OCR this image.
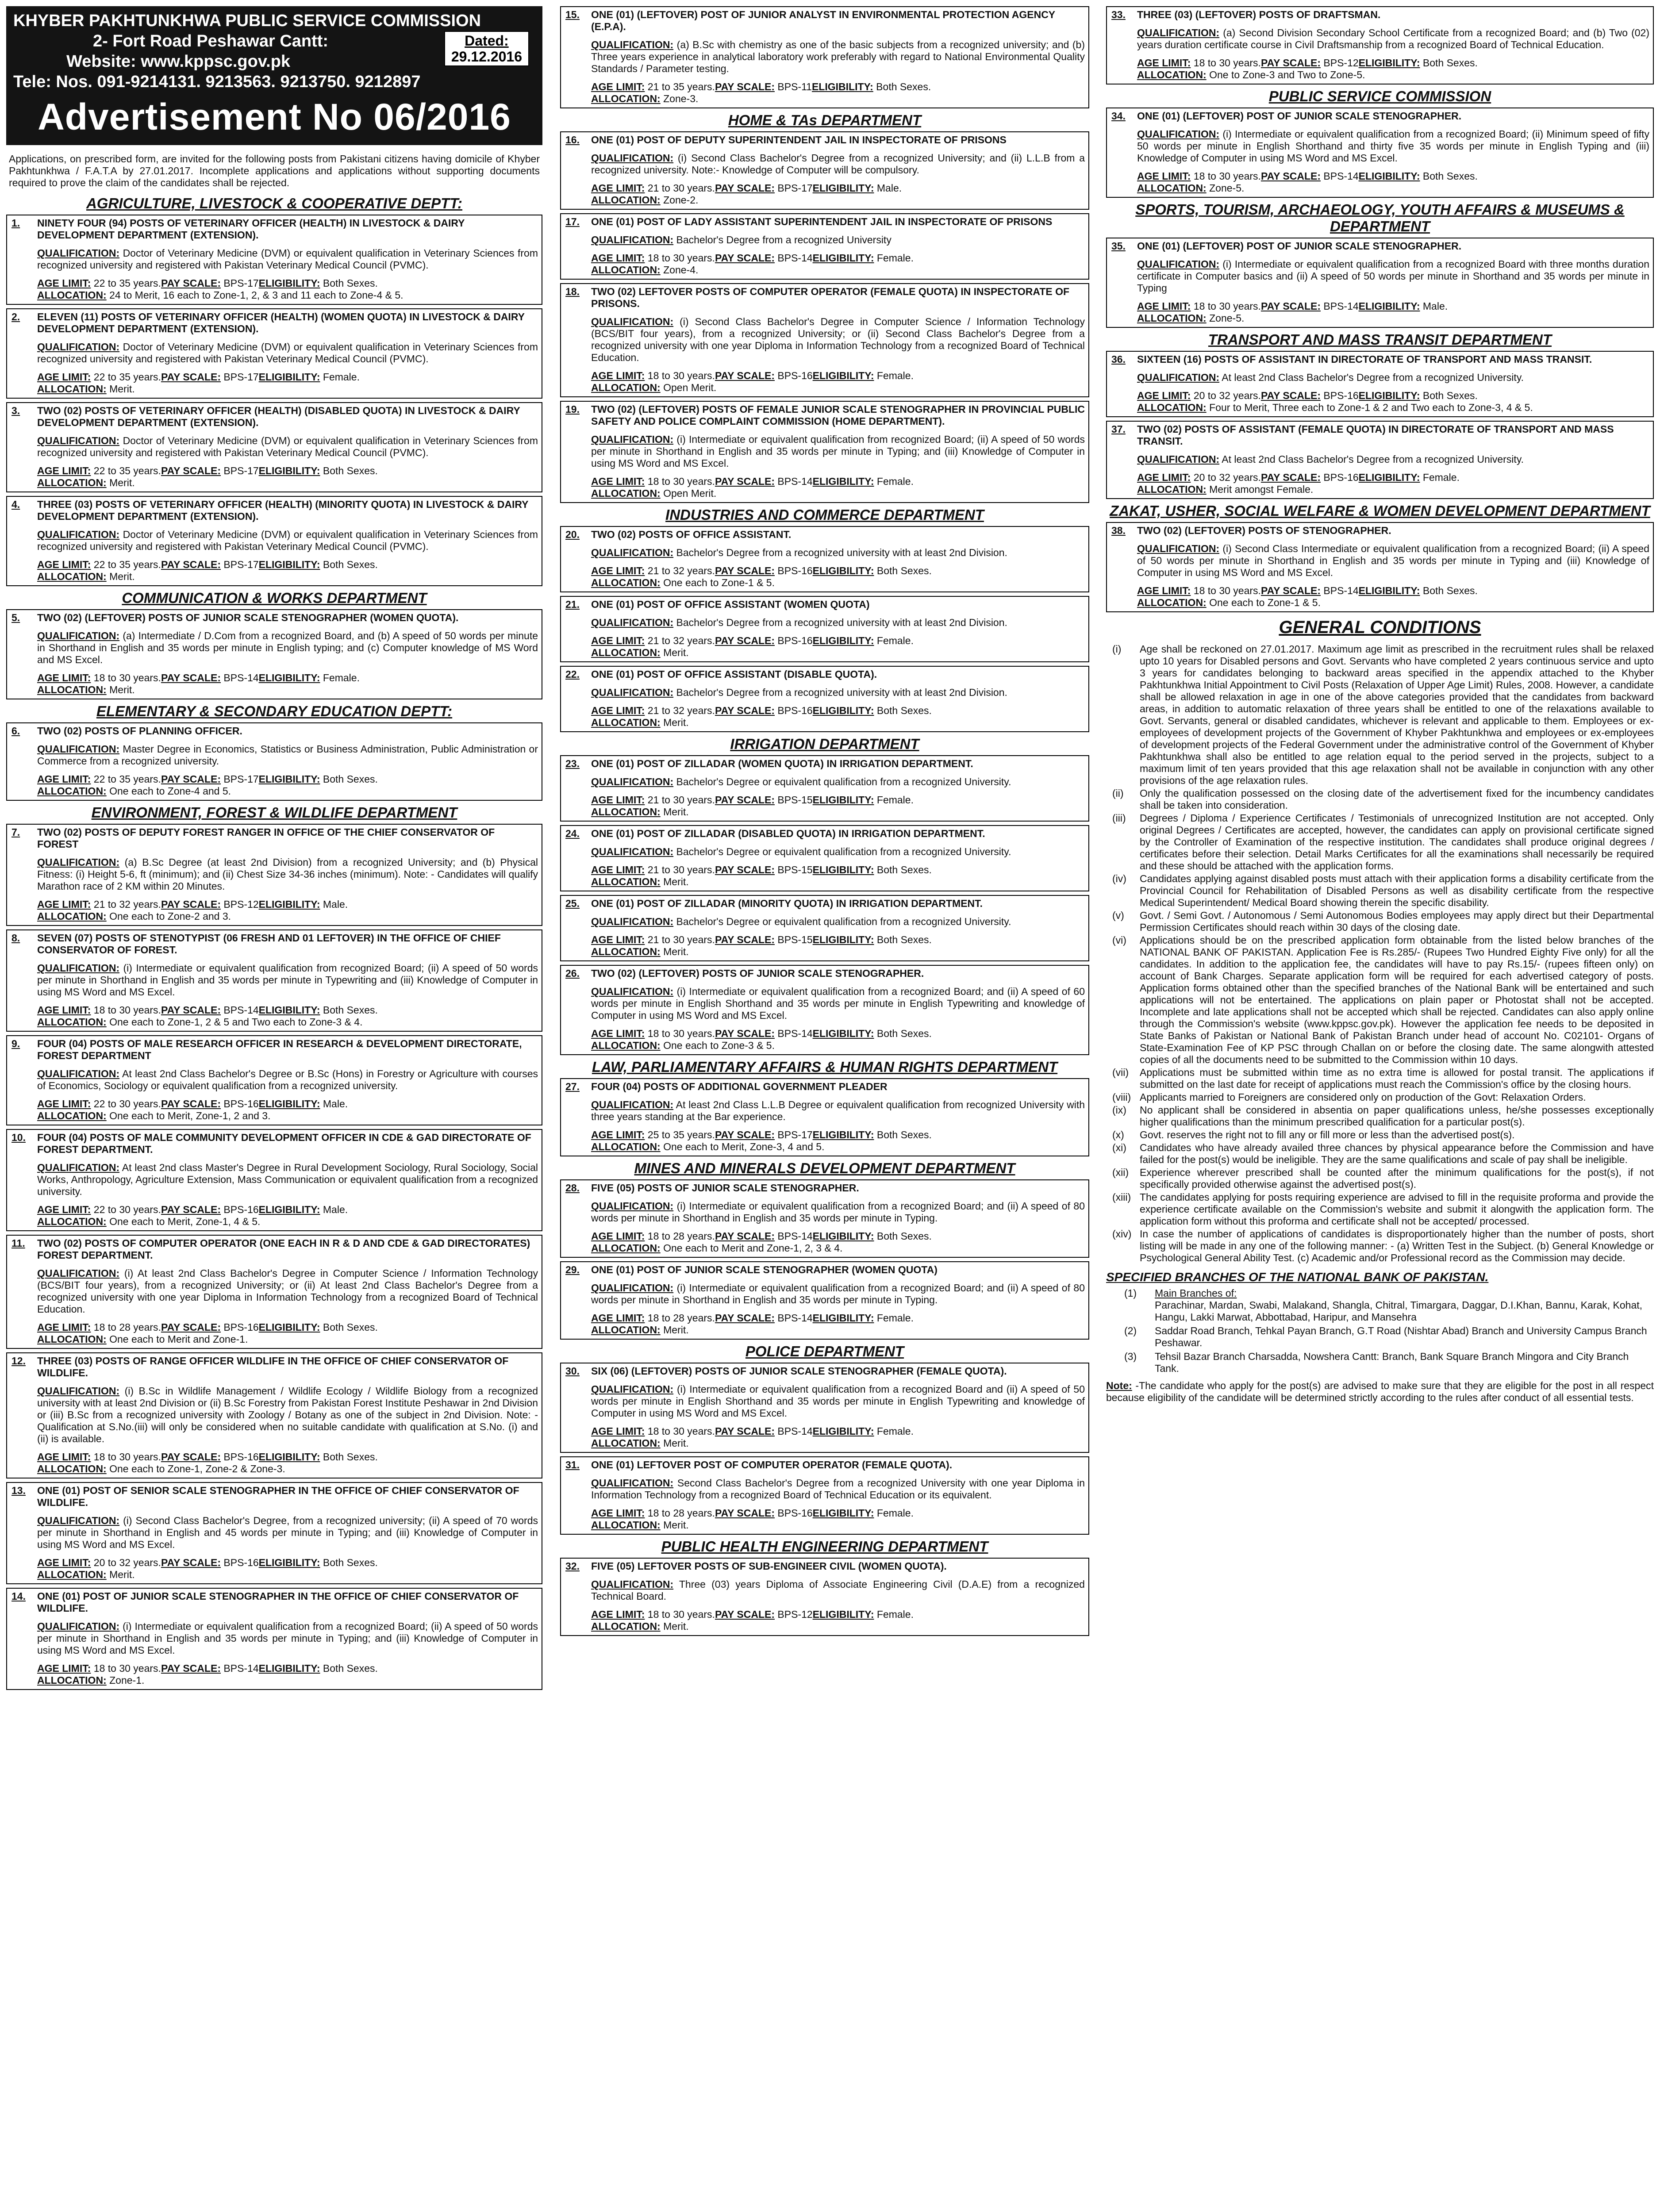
KHYBER PAKHTUNKHWA PUBLIC SERVICE COMMISSION
2- Fort Road Peshawar Cantt:
Website: www.kppsc.gov.pk
Tele: Nos. 091-9214131. 9213563. 9213750. 9212897
Dated:
29.12.2016
Advertisement No 06/2016
Applications, on prescribed form, are invited for the following posts from Pakistani citizens having domicile of Khyber Pakhtunkhwa / F.A.T.A by 27.01.2017. Incomplete applications and applications without supporting documents required to prove the claim of the candidates shall be rejected.
AGRICULTURE, LIVESTOCK & COOPERATIVE DEPTT:
1. NINETY FOUR (94) POSTS OF VETERINARY OFFICER (HEALTH) IN LIVESTOCK & DAIRY DEVELOPMENT DEPARTMENT (EXTENSION).
QUALIFICATION: Doctor of Veterinary Medicine (DVM) or equivalent qualification in Veterinary Sciences from recognized university and registered with Pakistan Veterinary Medical Council (PVMC).
AGE LIMIT: 22 to 35 years.PAY SCALE: BPS-17ELIGIBILITY: Both Sexes.
ALLOCATION: 24 to Merit, 16 each to Zone-1, 2, & 3 and 11 each to Zone-4 & 5.
2. ELEVEN (11) POSTS OF VETERINARY OFFICER (HEALTH) (WOMEN QUOTA) IN LIVESTOCK & DAIRY DEVELOPMENT DEPARTMENT (EXTENSION).
QUALIFICATION: Doctor of Veterinary Medicine (DVM) or equivalent qualification in Veterinary Sciences from recognized university and registered with Pakistan Veterinary Medical Council (PVMC).
AGE LIMIT: 22 to 35 years.PAY SCALE: BPS-17ELIGIBILITY: Female.
ALLOCATION: Merit.
3. TWO (02) POSTS OF VETERINARY OFFICER (HEALTH) (DISABLED QUOTA) IN LIVESTOCK & DAIRY DEVELOPMENT DEPARTMENT (EXTENSION).
QUALIFICATION: Doctor of Veterinary Medicine (DVM) or equivalent qualification in Veterinary Sciences from recognized university and registered with Pakistan Veterinary Medical Council (PVMC).
AGE LIMIT: 22 to 35 years.PAY SCALE: BPS-17ELIGIBILITY: Both Sexes.
ALLOCATION: Merit.
4. THREE (03) POSTS OF VETERINARY OFFICER (HEALTH) (MINORITY QUOTA) IN LIVESTOCK & DAIRY DEVELOPMENT DEPARTMENT (EXTENSION).
QUALIFICATION: Doctor of Veterinary Medicine (DVM) or equivalent qualification in Veterinary Sciences from recognized university and registered with Pakistan Veterinary Medical Council (PVMC).
AGE LIMIT: 22 to 35 years.PAY SCALE: BPS-17ELIGIBILITY: Both Sexes.
ALLOCATION: Merit.
COMMUNICATION & WORKS DEPARTMENT
5. TWO (02) (LEFTOVER) POSTS OF JUNIOR SCALE STENOGRAPHER (WOMEN QUOTA).
QUALIFICATION: (a) Intermediate / D.Com from a recognized Board, and (b) A speed of 50 words per minute in Shorthand in English and 35 words per minute in English typing; and (c) Computer knowledge of MS Word and MS Excel.
AGE LIMIT: 18 to 30 years.PAY SCALE: BPS-14ELIGIBILITY: Female.
ALLOCATION: Merit.
ELEMENTARY & SECONDARY EDUCATION DEPTT:
6. TWO (02) POSTS OF PLANNING OFFICER.
QUALIFICATION: Master Degree in Economics, Statistics or Business Administration, Public Administration or Commerce from a recognized university.
AGE LIMIT: 22 to 35 years.PAY SCALE: BPS-17ELIGIBILITY: Both Sexes.
ALLOCATION: One each to Zone-4 and 5.
ENVIRONMENT, FOREST & WILDLIFE DEPARTMENT
7. TWO (02) POSTS OF DEPUTY FOREST RANGER IN OFFICE OF THE CHIEF CONSERVATOR OF FOREST
QUALIFICATION: (a) B.Sc Degree (at least 2nd Division) from a recognized University; and (b) Physical Fitness: (i) Height 5-6, ft (minimum); and (ii) Chest Size 34-36 inches (minimum). Note: - Candidates will qualify Marathon race of 2 KM within 20 Minutes.
AGE LIMIT: 21 to 32 years.PAY SCALE: BPS-12ELIGIBILITY: Male.
ALLOCATION: One each to Zone-2 and 3.
8. SEVEN (07) POSTS OF STENOTYPIST (06 FRESH AND 01 LEFTOVER) IN THE OFFICE OF CHIEF CONSERVATOR OF FOREST.
QUALIFICATION: (i) Intermediate or equivalent qualification from recognized Board; (ii) A speed of 50 words per minute in Shorthand in English and 35 words per minute in Typewriting and (iii) Knowledge of Computer in using MS Word and MS Excel.
AGE LIMIT: 18 to 30 years.PAY SCALE: BPS-14ELIGIBILITY: Both Sexes.
ALLOCATION: One each to Zone-1, 2 & 5 and Two each to Zone-3 & 4.
9. FOUR (04) POSTS OF MALE RESEARCH OFFICER IN RESEARCH & DEVELOPMENT DIRECTORATE, FOREST DEPARTMENT
QUALIFICATION: At least 2nd Class Bachelor's Degree or B.Sc (Hons) in Forestry or Agriculture with courses of Economics, Sociology or equivalent qualification from a recognized university.
AGE LIMIT: 22 to 30 years.PAY SCALE: BPS-16ELIGIBILITY: Male.
ALLOCATION: One each to Merit, Zone-1, 2 and 3.
10. FOUR (04) POSTS OF MALE COMMUNITY DEVELOPMENT OFFICER IN CDE & GAD DIRECTORATE OF FOREST DEPARTMENT.
QUALIFICATION: At least 2nd class Master's Degree in Rural Development Sociology, Rural Sociology, Social Works, Anthropology, Agriculture Extension, Mass Communication or equivalent qualification from a recognized university.
AGE LIMIT: 22 to 30 years.PAY SCALE: BPS-16ELIGIBILITY: Male.
ALLOCATION: One each to Merit, Zone-1, 4 & 5.
11. TWO (02) POSTS OF COMPUTER OPERATOR (ONE EACH IN R & D AND CDE & GAD DIRECTORATES) FOREST DEPARTMENT.
QUALIFICATION: (i) At least 2nd Class Bachelor's Degree in Computer Science / Information Technology (BCS/BIT four years), from a recognized University; or (ii) At least 2nd Class Bachelor's Degree from a recognized university with one year Diploma in Information Technology from a recognized Board of Technical Education.
AGE LIMIT: 18 to 28 years.PAY SCALE: BPS-16ELIGIBILITY: Both Sexes.
ALLOCATION: One each to Merit and Zone-1.
12. THREE (03) POSTS OF RANGE OFFICER WILDLIFE IN THE OFFICE OF CHIEF CONSERVATOR OF WILDLIFE.
QUALIFICATION: (i) B.Sc in Wildlife Management / Wildlife Ecology / Wildlife Biology from a recognized university with at least 2nd Division or (ii) B.Sc Forestry from Pakistan Forest Institute Peshawar in 2nd Division or (iii) B.Sc from a recognized university with Zoology / Botany as one of the subject in 2nd Division. Note: - Qualification at S.No.(iii) will only be considered when no suitable candidate with qualification at S.No. (i) and (ii) is available.
AGE LIMIT: 18 to 30 years.PAY SCALE: BPS-16ELIGIBILITY: Both Sexes.
ALLOCATION: One each to Zone-1, Zone-2 & Zone-3.
13. ONE (01) POST OF SENIOR SCALE STENOGRAPHER IN THE OFFICE OF CHIEF CONSERVATOR OF WILDLIFE.
QUALIFICATION: (i) Second Class Bachelor's Degree, from a recognized university; (ii) A speed of 70 words per minute in Shorthand in English and 45 words per minute in Typing; and (iii) Knowledge of Computer in using MS Word and MS Excel.
AGE LIMIT: 20 to 32 years.PAY SCALE: BPS-16ELIGIBILITY: Both Sexes.
ALLOCATION: Merit.
14. ONE (01) POST OF JUNIOR SCALE STENOGRAPHER IN THE OFFICE OF CHIEF CONSERVATOR OF WILDLIFE.
QUALIFICATION: (i) Intermediate or equivalent qualification from a recognized Board; (ii) A speed of 50 words per minute in Shorthand in English and 35 words per minute in Typing; and (iii) Knowledge of Computer in using MS Word and MS Excel.
AGE LIMIT: 18 to 30 years.PAY SCALE: BPS-14ELIGIBILITY: Both Sexes.
ALLOCATION: Zone-1.
15. ONE (01) (LEFTOVER) POST OF JUNIOR ANALYST IN ENVIRONMENTAL PROTECTION AGENCY (E.P.A).
QUALIFICATION: (a) B.Sc with chemistry as one of the basic subjects from a recognized university; and (b) Three years experience in analytical laboratory work preferably with regard to National Environmental Quality Standards / Parameter testing.
AGE LIMIT: 21 to 35 years.PAY SCALE: BPS-11ELIGIBILITY: Both Sexes.
ALLOCATION: Zone-3.
HOME & TAs DEPARTMENT
16. ONE (01) POST OF DEPUTY SUPERINTENDENT JAIL IN INSPECTORATE OF PRISONS
QUALIFICATION: (i) Second Class Bachelor's Degree from a recognized University; and (ii) L.L.B from a recognized university. Note:- Knowledge of Computer will be compulsory.
AGE LIMIT: 21 to 30 years.PAY SCALE: BPS-17ELIGIBILITY: Male.
ALLOCATION: Zone-2.
17. ONE (01) POST OF LADY ASSISTANT SUPERINTENDENT JAIL IN INSPECTORATE OF PRISONS
QUALIFICATION: Bachelor's Degree from a recognized University
AGE LIMIT: 18 to 30 years.PAY SCALE: BPS-14ELIGIBILITY: Female.
ALLOCATION: Zone-4.
18. TWO (02) LEFTOVER POSTS OF COMPUTER OPERATOR (FEMALE QUOTA) IN INSPECTORATE OF PRISONS.
QUALIFICATION: (i) Second Class Bachelor's Degree in Computer Science / Information Technology (BCS/BIT four years), from a recognized University; or (ii) Second Class Bachelor's Degree from a recognized university with one year Diploma in Information Technology from a recognized Board of Technical Education.
AGE LIMIT: 18 to 30 years.PAY SCALE: BPS-16ELIGIBILITY: Female.
ALLOCATION: Open Merit.
19. TWO (02) (LEFTOVER) POSTS OF FEMALE JUNIOR SCALE STENOGRAPHER IN PROVINCIAL PUBLIC SAFETY AND POLICE COMPLAINT COMMISSION (HOME DEPARTMENT).
QUALIFICATION: (i) Intermediate or equivalent qualification from recognized Board; (ii) A speed of 50 words per minute in Shorthand in English and 35 words per minute in Typing; and (iii) Knowledge of Computer in using MS Word and MS Excel.
AGE LIMIT: 18 to 30 years.PAY SCALE: BPS-14ELIGIBILITY: Female.
ALLOCATION: Open Merit.
INDUSTRIES AND COMMERCE DEPARTMENT
20. TWO (02) POSTS OF OFFICE ASSISTANT.
QUALIFICATION: Bachelor's Degree from a recognized university with at least 2nd Division.
AGE LIMIT: 21 to 32 years.PAY SCALE: BPS-16ELIGIBILITY: Both Sexes.
ALLOCATION: One each to Zone-1 & 5.
21. ONE (01) POST OF OFFICE ASSISTANT (WOMEN QUOTA)
QUALIFICATION: Bachelor's Degree from a recognized university with at least 2nd Division.
AGE LIMIT: 21 to 32 years.PAY SCALE: BPS-16ELIGIBILITY: Female.
ALLOCATION: Merit.
22. ONE (01) POST OF OFFICE ASSISTANT (DISABLE QUOTA).
QUALIFICATION: Bachelor's Degree from a recognized university with at least 2nd Division.
AGE LIMIT: 21 to 32 years.PAY SCALE: BPS-16ELIGIBILITY: Both Sexes.
ALLOCATION: Merit.
IRRIGATION DEPARTMENT
23. ONE (01) POST OF ZILLADAR (WOMEN QUOTA) IN IRRIGATION DEPARTMENT.
QUALIFICATION: Bachelor's Degree or equivalent qualification from a recognized University.
AGE LIMIT: 21 to 30 years.PAY SCALE: BPS-15ELIGIBILITY: Female.
ALLOCATION: Merit.
24. ONE (01) POST OF ZILLADAR (DISABLED QUOTA) IN IRRIGATION DEPARTMENT.
QUALIFICATION: Bachelor's Degree or equivalent qualification from a recognized University.
AGE LIMIT: 21 to 30 years.PAY SCALE: BPS-15ELIGIBILITY: Both Sexes.
ALLOCATION: Merit.
25. ONE (01) POST OF ZILLADAR (MINORITY QUOTA) IN IRRIGATION DEPARTMENT.
QUALIFICATION: Bachelor's Degree or equivalent qualification from a recognized University.
AGE LIMIT: 21 to 30 years.PAY SCALE: BPS-15ELIGIBILITY: Both Sexes.
ALLOCATION: Merit.
26. TWO (02) (LEFTOVER) POSTS OF JUNIOR SCALE STENOGRAPHER.
QUALIFICATION: (i) Intermediate or equivalent qualification from a recognized Board; and (ii) A speed of 60 words per minute in English Shorthand and 35 words per minute in English Typewriting and knowledge of Computer in using MS Word and MS Excel.
AGE LIMIT: 18 to 30 years.PAY SCALE: BPS-14ELIGIBILITY: Both Sexes.
ALLOCATION: One each to Zone-3 & 5.
LAW, PARLIAMENTARY AFFAIRS & HUMAN RIGHTS DEPARTMENT
27. FOUR (04) POSTS OF ADDITIONAL GOVERNMENT PLEADER
QUALIFICATION: At least 2nd Class L.L.B Degree or equivalent qualification from recognized University with three years standing at the Bar experience.
AGE LIMIT: 25 to 35 years.PAY SCALE: BPS-17ELIGIBILITY: Both Sexes.
ALLOCATION: One each to Merit, Zone-3, 4 and 5.
MINES AND MINERALS DEVELOPMENT DEPARTMENT
28. FIVE (05) POSTS OF JUNIOR SCALE STENOGRAPHER.
QUALIFICATION: (i) Intermediate or equivalent qualification from a recognized Board; and (ii) A speed of 80 words per minute in Shorthand in English and 35 words per minute in Typing.
AGE LIMIT: 18 to 28 years.PAY SCALE: BPS-14ELIGIBILITY: Both Sexes.
ALLOCATION: One each to Merit and Zone-1, 2, 3 & 4.
29. ONE (01) POST OF JUNIOR SCALE STENOGRAPHER (WOMEN QUOTA)
QUALIFICATION: (i) Intermediate or equivalent qualification from a recognized Board; and (ii) A speed of 80 words per minute in Shorthand in English and 35 words per minute in Typing.
AGE LIMIT: 18 to 28 years.PAY SCALE: BPS-14ELIGIBILITY: Female.
ALLOCATION: Merit.
POLICE DEPARTMENT
30. SIX (06) (LEFTOVER) POSTS OF JUNIOR SCALE STENOGRAPHER (FEMALE QUOTA).
QUALIFICATION: (i) Intermediate or equivalent qualification from a recognized Board and (ii) A speed of 50 words per minute in English Shorthand and 35 words per minute in English Typewriting and knowledge of Computer in using MS Word and MS Excel.
AGE LIMIT: 18 to 30 years.PAY SCALE: BPS-14ELIGIBILITY: Female.
ALLOCATION: Merit.
31. ONE (01) LEFTOVER POST OF COMPUTER OPERATOR (FEMALE QUOTA).
QUALIFICATION: Second Class Bachelor's Degree from a recognized University with one year Diploma in Information Technology from a recognized Board of Technical Education or its equivalent.
AGE LIMIT: 18 to 28 years.PAY SCALE: BPS-16ELIGIBILITY: Female.
ALLOCATION: Merit.
PUBLIC HEALTH ENGINEERING DEPARTMENT
32. FIVE (05) LEFTOVER POSTS OF SUB-ENGINEER CIVIL (WOMEN QUOTA).
QUALIFICATION: Three (03) years Diploma of Associate Engineering Civil (D.A.E) from a recognized Technical Board.
AGE LIMIT: 18 to 30 years.PAY SCALE: BPS-12ELIGIBILITY: Female.
ALLOCATION: Merit.
33. THREE (03) (LEFTOVER) POSTS OF DRAFTSMAN.
QUALIFICATION: (a) Second Division Secondary School Certificate from a recognized Board; and (b) Two (02) years duration certificate course in Civil Draftsmanship from a recognized Board of Technical Education.
AGE LIMIT: 18 to 30 years.PAY SCALE: BPS-12ELIGIBILITY: Both Sexes.
ALLOCATION: One to Zone-3 and Two to Zone-5.
PUBLIC SERVICE COMMISSION
34. ONE (01) (LEFTOVER) POST OF JUNIOR SCALE STENOGRAPHER.
QUALIFICATION: (i) Intermediate or equivalent qualification from a recognized Board; (ii) Minimum speed of fifty 50 words per minute in English Shorthand and thirty five 35 words per minute in English Typing and (iii) Knowledge of Computer in using MS Word and MS Excel.
AGE LIMIT: 18 to 30 years.PAY SCALE: BPS-14ELIGIBILITY: Both Sexes.
ALLOCATION: Zone-5.
SPORTS, TOURISM, ARCHAEOLOGY, YOUTH AFFAIRS & MUSEUMS & DEPARTMENT
35. ONE (01) (LEFTOVER) POST OF JUNIOR SCALE STENOGRAPHER.
QUALIFICATION: (i) Intermediate or equivalent qualification from a recognized Board with three months duration certificate in Computer basics and (ii) A speed of 50 words per minute in Shorthand and 35 words per minute in Typing
AGE LIMIT: 18 to 30 years.PAY SCALE: BPS-14ELIGIBILITY: Male.
ALLOCATION: Zone-5.
TRANSPORT AND MASS TRANSIT DEPARTMENT
36. SIXTEEN (16) POSTS OF ASSISTANT IN DIRECTORATE OF TRANSPORT AND MASS TRANSIT.
QUALIFICATION: At least 2nd Class Bachelor's Degree from a recognized University.
AGE LIMIT: 20 to 32 years.PAY SCALE: BPS-16ELIGIBILITY: Both Sexes.
ALLOCATION: Four to Merit, Three each to Zone-1 & 2 and Two each to Zone-3, 4 & 5.
37. TWO (02) POSTS OF ASSISTANT (FEMALE QUOTA) IN DIRECTORATE OF TRANSPORT AND MASS TRANSIT.
QUALIFICATION: At least 2nd Class Bachelor's Degree from a recognized University.
AGE LIMIT: 20 to 32 years.PAY SCALE: BPS-16ELIGIBILITY: Female.
ALLOCATION: Merit amongst Female.
ZAKAT, USHER, SOCIAL WELFARE & WOMEN DEVELOPMENT DEPARTMENT
38. TWO (02) (LEFTOVER) POSTS OF STENOGRAPHER.
QUALIFICATION: (i) Second Class Intermediate or equivalent qualification from a recognized Board; (ii) A speed of 50 words per minute in Shorthand in English and 35 words per minute in Typing and (iii) Knowledge of Computer in using MS Word and MS Excel.
AGE LIMIT: 18 to 30 years.PAY SCALE: BPS-14ELIGIBILITY: Both Sexes.
ALLOCATION: One each to Zone-1 & 5.
GENERAL CONDITIONS
(i)	Age shall be reckoned on 27.01.2017. Maximum age limit as prescribed in the recruitment rules shall be relaxed upto 10 years for Disabled persons and Govt. Servants who have completed 2 years continuous service and upto 3 years for candidates belonging to backward areas specified in the appendix attached to the Khyber Pakhtunkhwa Initial Appointment to Civil Posts (Relaxation of Upper Age Limit) Rules, 2008. However, a candidate shall be allowed relaxation in age in one of the above categories provided that the candidates from backward areas, in addition to automatic relaxation of three years shall be entitled to one of the relaxations available to Govt. Servants, general or disabled candidates, whichever is relevant and applicable to them. Employees or ex-employees of development projects of the Government of Khyber Pakhtunkhwa and employees or ex-employees of development projects of the Federal Government under the administrative control of the Government of Khyber Pakhtunkhwa shall also be entitled to age relation equal to the period served in the projects, subject to a maximum limit of ten years provided that this age relaxation shall not be available in conjunction with any other provisions of the age relaxation rules.
(ii)	Only the qualification possessed on the closing date of the advertisement fixed for the incumbency candidates shall be taken into consideration.
(iii)	Degrees / Diploma / Experience Certificates / Testimonials of unrecognized Institution are not accepted. Only original Degrees / Certificates are accepted, however, the candidates can apply on provisional certificate signed by the Controller of Examination of the respective institution. The candidates shall produce original degrees / certificates before their selection. Detail Marks Certificates for all the examinations shall necessarily be required and these should be attached with the application forms.
(iv)	Candidates applying against disabled posts must attach with their application forms a disability certificate from the Provincial Council for Rehabilitation of Disabled Persons as well as disability certificate from the respective Medical Superintendent/ Medical Board showing therein the specific disability.
(v)	Govt. / Semi Govt. / Autonomous / Semi Autonomous Bodies employees may apply direct but their Departmental Permission Certificates should reach within 30 days of the closing date.
(vi)	Applications should be on the prescribed application form obtainable from the listed below branches of the NATIONAL BANK OF PAKISTAN. Application Fee is Rs.285/- (Rupees Two Hundred Eighty Five only) for all the candidates. In addition to the application fee, the candidates will have to pay Rs.15/- (rupees fifteen only) on account of Bank Charges. Separate application form will be required for each advertised category of posts. Application forms obtained other than the specified branches of the National Bank will be entertained and such applications will not be entertained. The applications on plain paper or Photostat shall not be accepted. Incomplete and late applications shall not be accepted which shall be rejected. Candidates can also apply online through the Commission's website (www.kppsc.gov.pk). However the application fee needs to be deposited in State Banks of Pakistan or National Bank of Pakistan Branch under head of account No. C02101- Organs of State-Examination Fee of KP PSC through Challan on or before the closing date. The same alongwith attested copies of all the documents need to be submitted to the Commission within 10 days.
(vii)	Applications must be submitted within time as no extra time is allowed for postal transit. The applications if submitted on the last date for receipt of applications must reach the Commission's office by the closing hours.
(viii) Applicants married to Foreigners are considered only on production of the Govt: Relaxation Orders.
(ix)	No applicant shall be considered in absentia on paper qualifications unless, he/she possesses exceptionally higher qualifications than the minimum prescribed qualification for a particular post(s).
(x)	Govt. reserves the right not to fill any or fill more or less than the advertised post(s).
(xi)	Candidates who have already availed three chances by physical appearance before the Commission and have failed for the post(s) would be ineligible. They are the same qualifications and scale of pay shall be ineligible.
(xii)	Experience wherever prescribed shall be counted after the minimum qualifications for the post(s), if not specifically provided otherwise against the advertised post(s).
(xiii) The candidates applying for posts requiring experience are advised to fill in the requisite proforma and provide the experience certificate available on the Commission's website and submit it alongwith the application form. The application form without this proforma and certificate shall not be accepted/ processed.
(xiv) In case the number of applications of candidates is disproportionately higher than the number of posts, short listing will be made in any one of the following manner: - (a) Written Test in the Subject. (b) General Knowledge or Psychological General Ability Test. (c) Academic and/or Professional record as the Commission may decide.
SPECIFIED BRANCHES OF THE NATIONAL BANK OF PAKISTAN.
(1)	Main Branches of:
Parachinar, Mardan, Swabi, Malakand, Shangla, Chitral, Timargara, Daggar, D.I.Khan, Bannu, Karak, Kohat, Hangu, Lakki Marwat, Abbottabad, Haripur, and Mansehra
(2)	Saddar Road Branch, Tehkal Payan Branch, G.T Road (Nishtar Abad) Branch and University Campus Branch Peshawar.
(3)	Tehsil Bazar Branch Charsadda, Nowshera Cantt: Branch, Bank Square Branch Mingora and City Branch Tank.
Note: -The candidate who apply for the post(s) are advised to make sure that they are eligible for the post in all respect because eligibility of the candidate will be determined strictly according to the rules after conduct of all essential tests.
